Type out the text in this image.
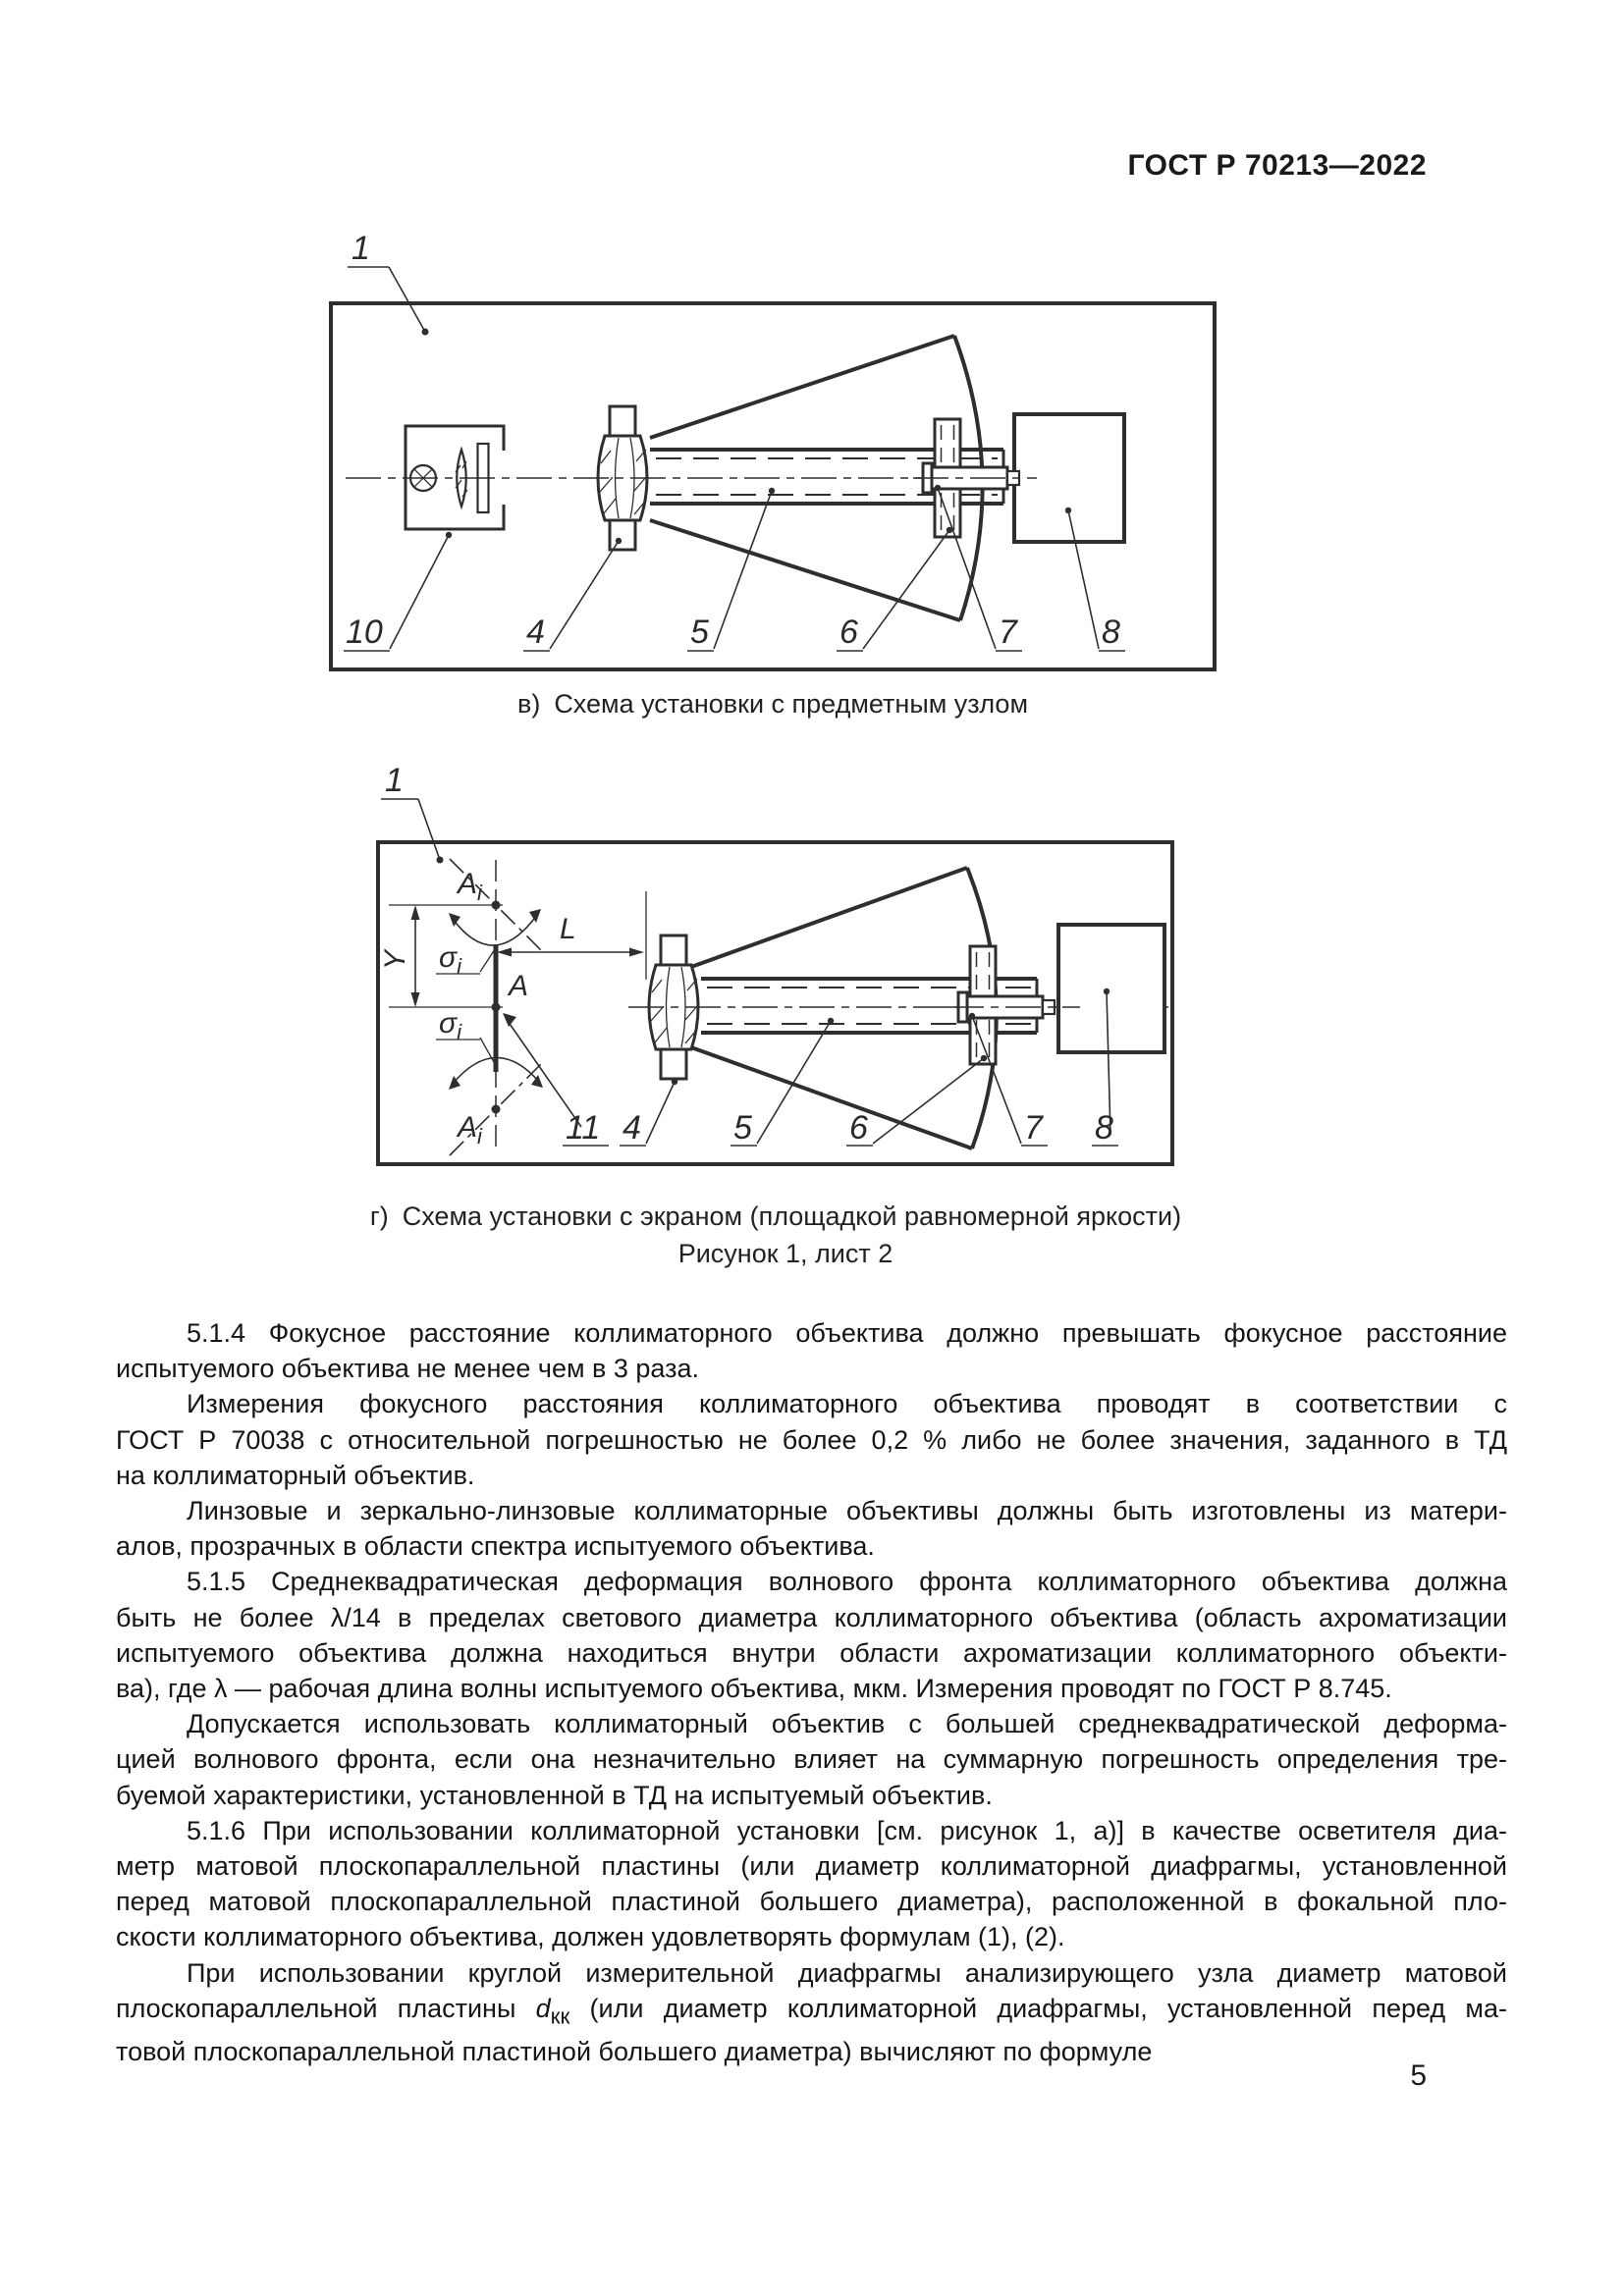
ГОСТ Р 70213—2022
1
10	4	5	6	7	8
в) Схема установки с предметным узлом
1
Y
L
$\sigma_i$
$\sigma_i$
$A_i$
A
$A_i$	11 4	5	6	7 8
г) Схема установки с экраном (площадкой равномерной яркости)
Рисунок 1, лист 2
5.1.4 Фокусное расстояние коллиматорного объектива должно превышать фокусное расстояние
испытуемого объектива не менее чем в 3 раза.
Измерения фокусного расстояния коллиматорного объектива проводят в соответствии с
ГОСТ Р 70038 с относительной погрешностью не более 0,2 % либо не более значения, заданного в ТД
на коллиматорный объектив.
Линзовые и зеркально-линзовые коллиматорные объективы должны быть изготовлены из матери-
алов, прозрачных в области спектра испытуемого объектива.
5.1.5 Среднеквадратическая деформация волнового фронта коллиматорного объектива должна
быть не более λ/14 в пределах светового диаметра коллиматорного объектива (область ахроматизации
испытуемого объектива должна находиться внутри области ахроматизации коллиматорного объекти-
ва), где λ — рабочая длина волны испытуемого объектива, мкм. Измерения проводят по ГОСТ Р 8.745.
Допускается использовать коллиматорный объектив с большей среднеквадратической деформа-
цией волнового фронта, если она незначительно влияет на суммарную погрешность определения тре-
буемой характеристики, установленной в ТД на испытуемый объектив.
5.1.6 При использовании коллиматорной установки [см. рисунок 1, а)] в качестве осветителя диа-
метр матовой плоскопараллельной пластины (или диаметр коллиматорной диафрагмы, установленной
перед матовой плоскопараллельной пластиной большего диаметра), расположенной в фокальной пло-
скости коллиматорного объектива, должен удовлетворять формулам (1), (2).
При использовании круглой измерительной диафрагмы анализирующего узла диаметр матовой
плоскопараллельной пластины $d_{кк}$ (или диаметр коллиматорной диафрагмы, установленной перед ма-
товой плоскопараллельной пластиной большего диаметра) вычисляют по формуле
5
